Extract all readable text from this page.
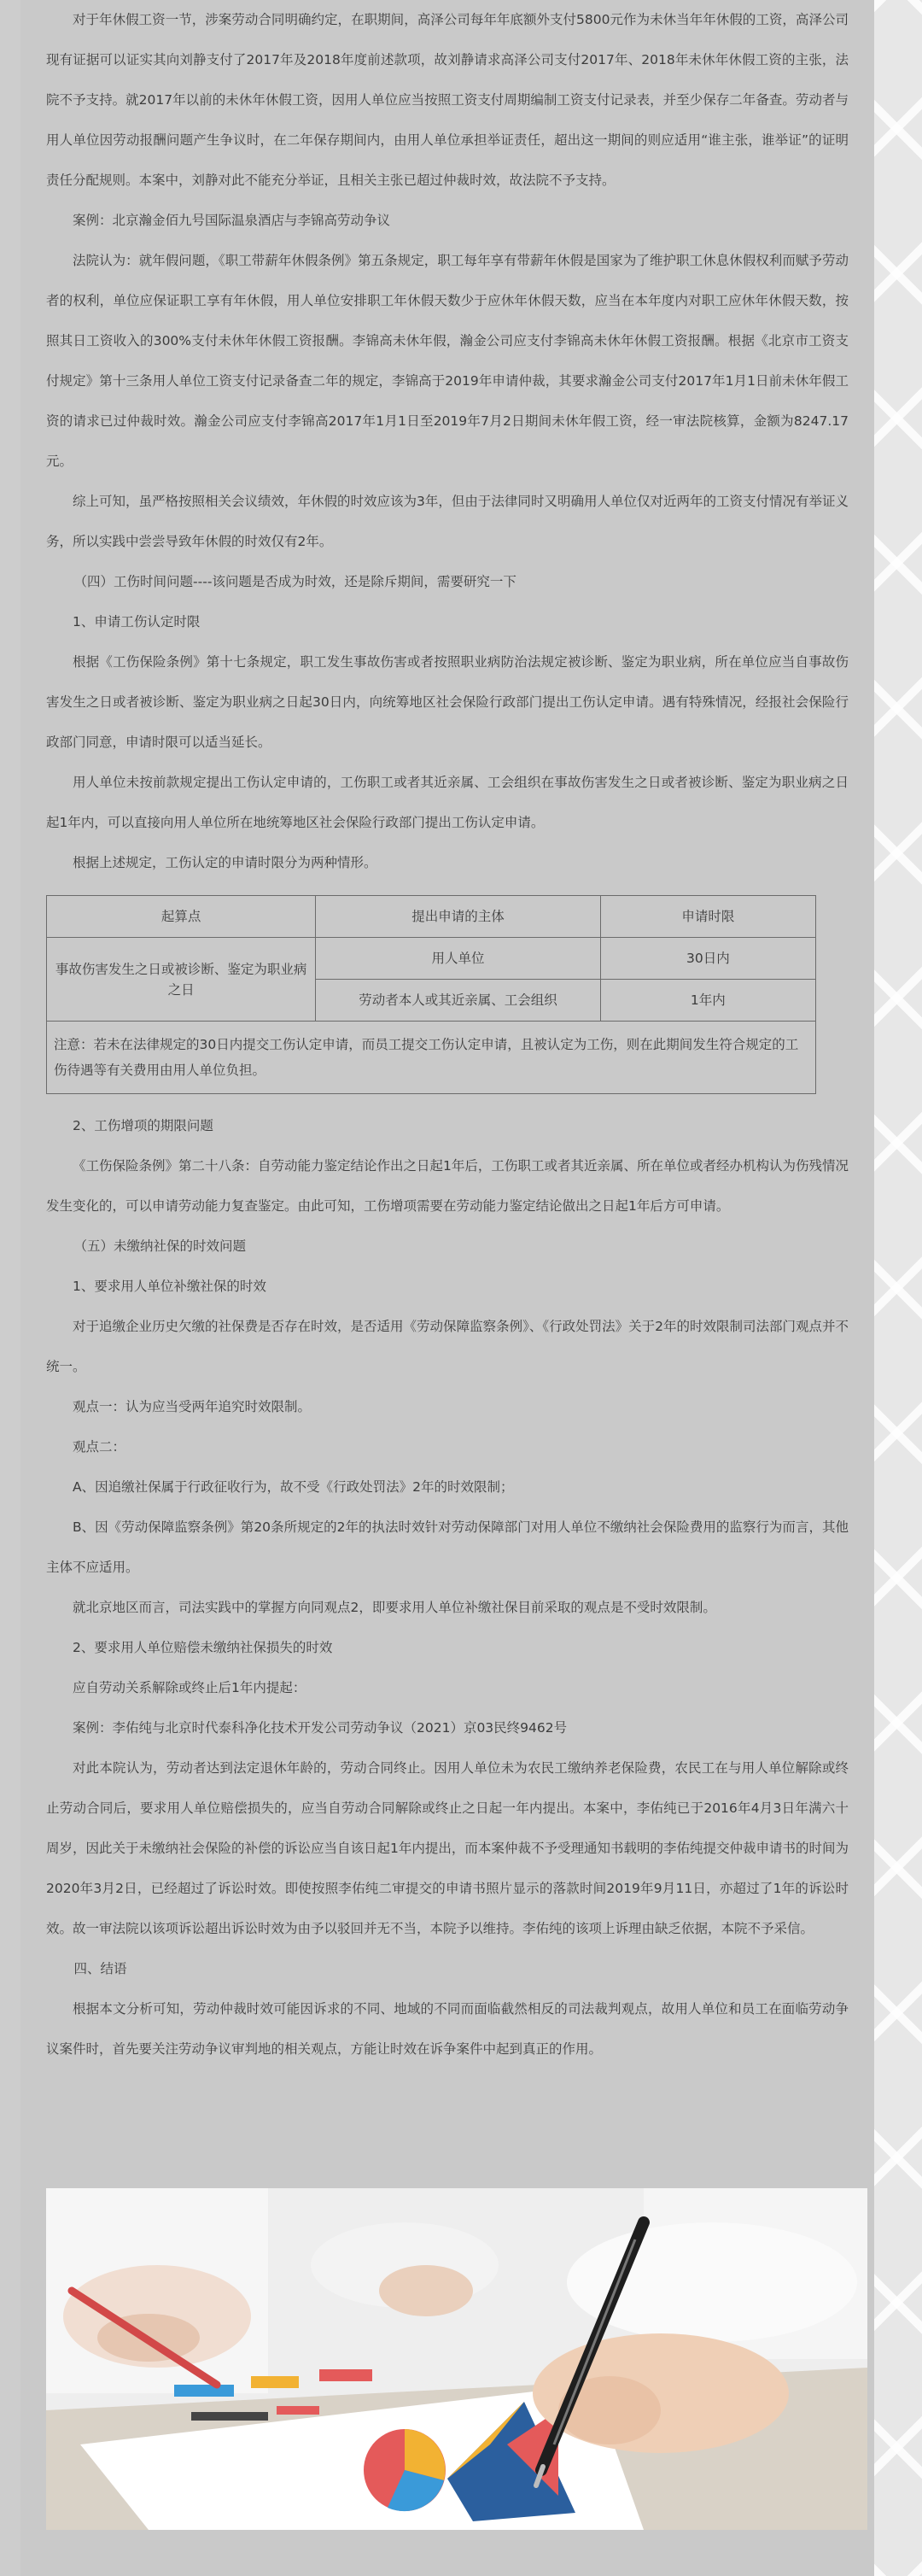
对于年休假工资一节，涉案劳动合同明确约定，在职期间，高泽公司每年年底额外支付5800元作为未休当年年休假的工资，高泽公司现有证据可以证实其向刘静支付了2017年及2018年度前述款项，故刘静请求高泽公司支付2017年、2018年未休年休假工资的主张，法院不予支持。就2017年以前的未休年休假工资，因用人单位应当按照工资支付周期编制工资支付记录表，并至少保存二年备查。劳动者与用人单位因劳动报酬问题产生争议时，在二年保存期间内，由用人单位承担举证责任，超出这一期间的则应适用“谁主张，谁举证”的证明责任分配规则。本案中，刘静对此不能充分举证，且相关主张已超过仲裁时效，故法院不予支持。

案例：北京瀚金佰九号国际温泉酒店与李锦高劳动争议

法院认为：就年假问题，《职工带薪年休假条例》第五条规定，职工每年享有带薪年休假是国家为了维护职工休息休假权利而赋予劳动者的权利，单位应保证职工享有年休假，用人单位安排职工年休假天数少于应休年休假天数，应当在本年度内对职工应休年休假天数，按照其日工资收入的300%支付未休年休假工资报酬。李锦高未休年假，瀚金公司应支付李锦高未休年休假工资报酬。根据《北京市工资支付规定》第十三条用人单位工资支付记录备查二年的规定，李锦高于2019年申请仲裁，其要求瀚金公司支付2017年1月1日前未休年假工资的请求已过仲裁时效。瀚金公司应支付李锦高2017年1月1日至2019年7月2日期间未休年假工资，经一审法院核算，金额为8247.17元。

综上可知，虽严格按照相关会议绩效，年休假的时效应该为3年，但由于法律同时又明确用人单位仅对近两年的工资支付情况有举证义务，所以实践中尝尝导致年休假的时效仅有2年。

（四）工伤时间问题----该问题是否成为时效，还是除斥期间，需要研究一下

1、申请工伤认定时限

根据《工伤保险条例》第十七条规定，职工发生事故伤害或者按照职业病防治法规定被诊断、鉴定为职业病，所在单位应当自事故伤害发生之日或者被诊断、鉴定为职业病之日起30日内，向统筹地区社会保险行政部门提出工伤认定申请。遇有特殊情况，经报社会保险行政部门同意，申请时限可以适当延长。

用人单位未按前款规定提出工伤认定申请的，工伤职工或者其近亲属、工会组织在事故伤害发生之日或者被诊断、鉴定为职业病之日起1年内，可以直接向用人单位所在地统筹地区社会保险行政部门提出工伤认定申请。

根据上述规定，工伤认定的申请时限分为两种情形。

起算点	提出申请的主体	申请时限
事故伤害发生之日或被诊断、鉴定为职业病之日	用人单位	30日内
	劳动者本人或其近亲属、工会组织	1年内
注意：若未在法律规定的30日内提交工伤认定申请，而员工提交工伤认定申请，且被认定为工伤，则在此期间发生符合规定的工伤待遇等有关费用由用人单位负担。		

2、工伤增项的期限问题

《工伤保险条例》第二十八条：自劳动能力鉴定结论作出之日起1年后，工伤职工或者其近亲属、所在单位或者经办机构认为伤残情况发生变化的，可以申请劳动能力复查鉴定。由此可知，工伤增项需要在劳动能力鉴定结论做出之日起1年后方可申请。

（五）未缴纳社保的时效问题

1、要求用人单位补缴社保的时效

对于追缴企业历史欠缴的社保费是否存在时效，是否适用《劳动保障监察条例》、《行政处罚法》关于2年的时效限制司法部门观点并不统一。

观点一：认为应当受两年追究时效限制。

观点二：

A、因追缴社保属于行政征收行为，故不受《行政处罚法》2年的时效限制；

B、因《劳动保障监察条例》第20条所规定的2年的执法时效针对劳动保障部门对用人单位不缴纳社会保险费用的监察行为而言，其他主体不应适用。

就北京地区而言，司法实践中的掌握方向同观点2，即要求用人单位补缴社保目前采取的观点是不受时效限制。

2、要求用人单位赔偿未缴纳社保损失的时效

应自劳动关系解除或终止后1年内提起：

案例：李佑纯与北京时代泰科净化技术开发公司劳动争议（2021）京03民终9462号

对此本院认为，劳动者达到法定退休年龄的，劳动合同终止。因用人单位未为农民工缴纳养老保险费，农民工在与用人单位解除或终止劳动合同后，要求用人单位赔偿损失的，应当自劳动合同解除或终止之日起一年内提出。本案中，李佑纯已于2016年4月3日年满六十周岁，因此关于未缴纳社会保险的补偿的诉讼应当自该日起1年内提出，而本案仲裁不予受理通知书载明的李佑纯提交仲裁申请书的时间为2020年3月2日，已经超过了诉讼时效。即使按照李佑纯二审提交的申请书照片显示的落款时间2019年9月11日，亦超过了1年的诉讼时效。故一审法院以该项诉讼超出诉讼时效为由予以驳回并无不当，本院予以维持。李佑纯的该项上诉理由缺乏依据，本院不予采信。

四、结语

根据本文分析可知，劳动仲裁时效可能因诉求的不同、地域的不同而面临截然相反的司法裁判观点，故用人单位和员工在面临劳动争议案件时，首先要关注劳动争议审判地的相关观点，方能让时效在诉争案件中起到真正的作用。
